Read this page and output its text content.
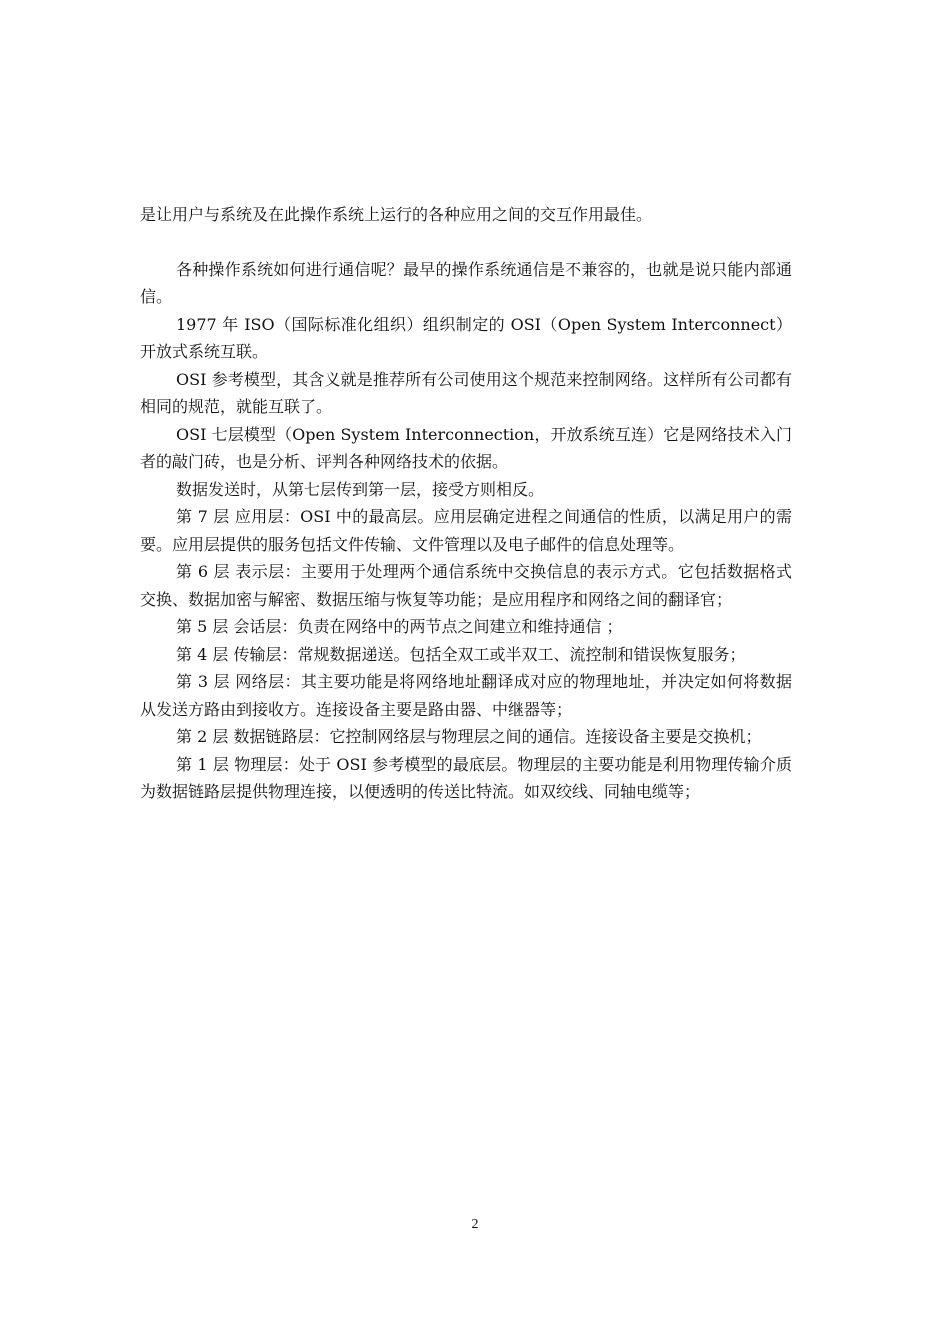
是让用户与系统及在此操作系统上运行的各种应用之间的交互作用最佳。

各种操作系统如何进行通信呢？最早的操作系统通信是不兼容的，也就是说只能内部通信。

1977 年 ISO（国际标准化组织）组织制定的 OSI（Open System Interconnect）开放式系统互联。

OSI 参考模型，其含义就是推荐所有公司使用这个规范来控制网络。这样所有公司都有相同的规范，就能互联了。

OSI 七层模型（Open System Interconnection，开放系统互连）它是网络技术入门者的敲门砖，也是分析、评判各种网络技术的依据。

数据发送时，从第七层传到第一层，接受方则相反。

第 7 层 应用层：OSI 中的最高层。应用层确定进程之间通信的性质，以满足用户的需要。应用层提供的服务包括文件传输、文件管理以及电子邮件的信息处理等。

第 6 层 表示层：主要用于处理两个通信系统中交换信息的表示方式。它包括数据格式交换、数据加密与解密、数据压缩与恢复等功能；是应用程序和网络之间的翻译官；

第 5 层 会话层：负责在网络中的两节点之间建立和维持通信 ；

第 4 层 传输层：常规数据递送。包括全双工或半双工、流控制和错误恢复服务；

第 3 层 网络层：其主要功能是将网络地址翻译成对应的物理地址，并决定如何将数据从发送方路由到接收方。连接设备主要是路由器、中继器等；

第 2 层 数据链路层：它控制网络层与物理层之间的通信。连接设备主要是交换机；

第 1 层 物理层：处于 OSI 参考模型的最底层。物理层的主要功能是利用物理传输介质为数据链路层提供物理连接，以便透明的传送比特流。如双绞线、同轴电缆等；

2
